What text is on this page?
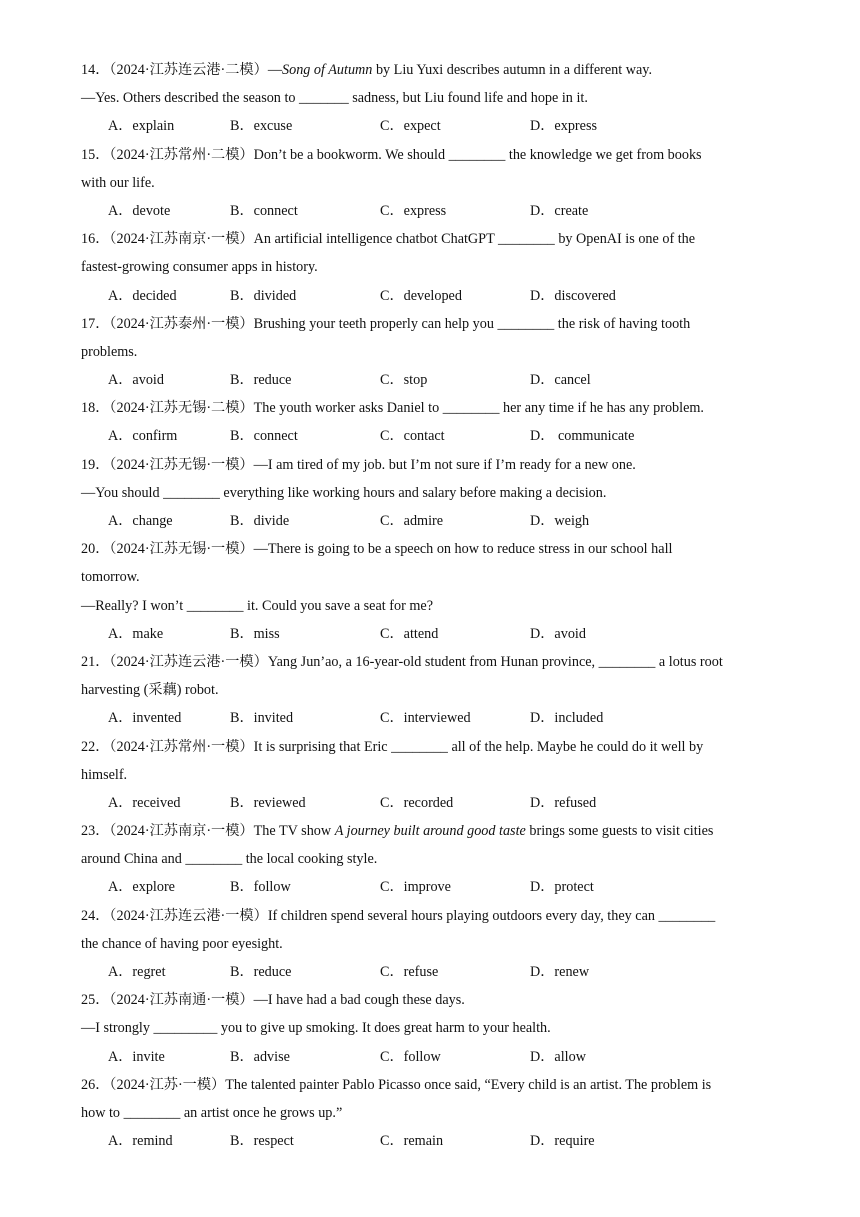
14．（2024·江苏连云港·二模）—Song of Autumn by Liu Yuxi describes autumn in a different way.
—Yes. Others described the season to _______ sadness, but Liu found life and hope in it.
A．explain	B．excuse	C．expect	D．express
15．（2024·江苏常州·二模）Don’t be a bookworm. We should ________ the knowledge we get from books
with our life.
A．devote	B．connect	C．express	D．create
16．（2024·江苏南京·一模）An artificial intelligence chatbot ChatGPT ________ by OpenAI is one of the
fastest-growing consumer apps in history.
A．decided	B．divided	C．developed	D．discovered
17．（2024·江苏泰州·一模）Brushing your teeth properly can help you ________ the risk of having tooth
problems.
A．avoid	B．reduce	C．stop	D．cancel
18．（2024·江苏无锡·二模）The youth worker asks Daniel to ________ her any time if he has any problem.
A．confirm	B．connect	C．contact	D． communicate
19．（2024·江苏无锡·一模）—I am tired of my job. but I’m not sure if I’m ready for a new one.
—You should ________ everything like working hours and salary before making a decision.
A．change	B．divide	C．admire	D．weigh
20．（2024·江苏无锡·一模）—There is going to be a speech on how to reduce stress in our school hall
tomorrow.
—Really? I won’t ________ it. Could you save a seat for me?
A．make	B．miss	C．attend	D．avoid
21．（2024·江苏连云港·一模）Yang Jun’ao, a 16-year-old student from Hunan province, ________ a lotus root
harvesting (采藕) robot.
A．invented	B．invited	C．interviewed	D．included
22．（2024·江苏常州·一模）It is surprising that Eric ________ all of the help. Maybe he could do it well by
himself.
A．received	B．reviewed	C．recorded	D．refused
23．（2024·江苏南京·一模）The TV show A journey built around good taste brings some guests to visit cities
around China and ________ the local cooking style.
A．explore	B．follow	C．improve	D．protect
24．（2024·江苏连云港·一模）If children spend several hours playing outdoors every day, they can ________
the chance of having poor eyesight.
A．regret	B．reduce	C．refuse	D．renew
25．（2024·江苏南通·一模）—I have had a bad cough these days.
—I strongly _________ you to give up smoking. It does great harm to your health.
A．invite	B．advise	C．follow	D．allow
26．（2024·江苏·一模）The talented painter Pablo Picasso once said, “Every child is an artist. The problem is
how to ________ an artist once he grows up.”
A．remind	B．respect	C．remain	D．require
